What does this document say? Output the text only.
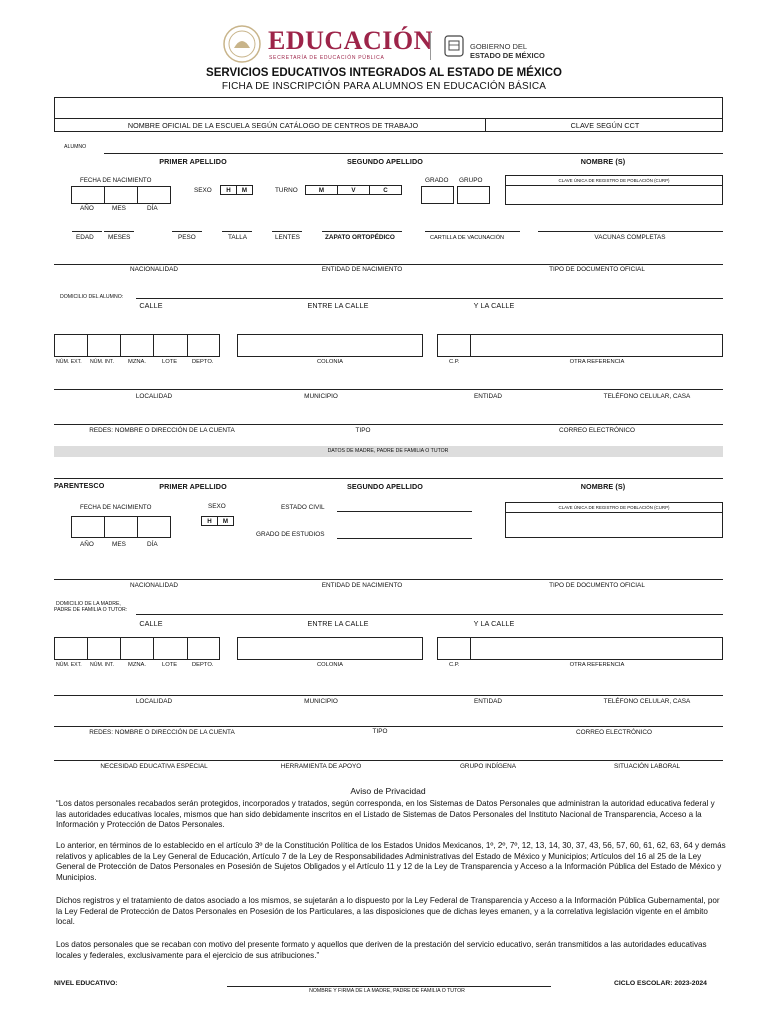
EDUCACIÓN
SECRETARÍA DE EDUCACIÓN PÚBLICA
GOBIERNO DEL
ESTADO DE MÉXICO
SERVICIOS EDUCATIVOS INTEGRADOS AL ESTADO DE MÉXICO
FICHA DE INSCRIPCIÓN PARA ALUMNOS EN EDUCACIÓN BÁSICA
NOMBRE OFICIAL DE LA ESCUELA SEGÚN CATÁLOGO DE CENTROS DE TRABAJO	CLAVE SEGÚN CCT
ALUMNO
PRIMER APELLIDO	SEGUNDO APELLIDO	NOMBRE (S)
FECHA DE NACIMIENTO
AÑO	MES	DÍA
SEXO	H	M	TURNO	M	V	C
GRADO GRUPO	CLAVE ÚNICA DE REGISTRO DE POBLACIÓN (CURP)
EDAD MESES	PESO	TALLA	LENTES	ZAPATO ORTOPÉDICO	CARTILLA DE VACUNACIÓN	VACUNAS COMPLETAS
NACIONALIDAD	ENTIDAD DE NACIMIENTO	TIPO DE DOCUMENTO OFICIAL
DOMICILIO DEL ALUMNO:
CALLE	ENTRE LA CALLE	Y LA CALLE
NÚM. EXT. NÚM. INT. MZNA.	LOTE	DEPTO.	COLONIA	C.P.	OTRA REFERENCIA
LOCALIDAD	MUNICIPIO	ENTIDAD	TELÉFONO CELULAR, CASA
REDES: NOMBRE O DIRECCIÓN DE LA CUENTA	TIPO	CORREO ELECTRÓNICO
DATOS DE MADRE, PADRE DE FAMILIA O TUTOR
PARENTESCO	PRIMER APELLIDO	SEGUNDO APELLIDO	NOMBRE (S)
FECHA DE NACIMIENTO
AÑO	MES	DÍA
SEXO
H	M
ESTADO CIVIL
GRADO DE ESTUDIOS
CLAVE ÚNICA DE REGISTRO DE POBLACIÓN (CURP)
NACIONALIDAD	ENTIDAD DE NACIMIENTO	TIPO DE DOCUMENTO OFICIAL
DOMICILIO DE LA MADRE,
PADRE DE FAMILIA O TUTOR:
CALLE	ENTRE LA CALLE	Y LA CALLE
NÚM. EXT. NÚM. INT. MZNA.	LOTE	DEPTO.	COLONIA	C.P.	OTRA REFERENCIA
LOCALIDAD	MUNICIPIO	ENTIDAD	TELÉFONO CELULAR, CASA
REDES: NOMBRE O DIRECCIÓN DE LA CUENTA	TIPO	CORREO ELECTRÓNICO
NECESIDAD EDUCATIVA ESPECIAL	HERRAMIENTA DE APOYO	GRUPO INDÍGENA	SITUACIÓN LABORAL
Aviso de Privacidad
“Los datos personales recabados serán protegidos, incorporados y tratados, según corresponda, en los Sistemas de Datos Personales que administran la autoridad educativa federal y las autoridades educativas locales, mismos que han sido debidamente inscritos en el Listado de Sistemas de Datos Personales del Instituto Nacional de Transparencia, Acceso a la Información y Protección de Datos Personales.
Lo anterior, en términos de lo establecido en el artículo 3º de la Constitución Política de los Estados Unidos Mexicanos, 1º, 2º, 7º, 12, 13, 14, 30, 37, 43, 56, 57, 60, 61, 62, 63, 64 y demás relativos y aplicables de la Ley General de Educación, Artículo 7 de la Ley de Responsabilidades Administrativas del Estado de México y Municipios; Artículos del 16 al 25 de la Ley General de Protección de Datos Personales en Posesión de Sujetos Obligados y el Artículo 11 y 12 de la Ley de Transparencia y Acceso a la Información Pública del Estado de México y Municipios.
Dichos registros y el tratamiento de datos asociado a los mismos, se sujetarán a lo dispuesto por la Ley Federal de Transparencia y Acceso a la Información Pública Gubernamental, por la Ley Federal de Protección de Datos Personales en Posesión de los Particulares, a las disposiciones que de dichas leyes emanen, y a la correlativa legislación vigente en el ámbito local.
Los datos personales que se recaban con motivo del presente formato y aquellos que deriven de la prestación del servicio educativo, serán transmitidos a las autoridades educativas locales y federales, exclusivamente para el ejercicio de sus atribuciones.”
NIVEL EDUCATIVO:
NOMBRE Y FIRMA DE LA MADRE, PADRE DE FAMILIA O TUTOR
CICLO ESCOLAR: 2023-2024
